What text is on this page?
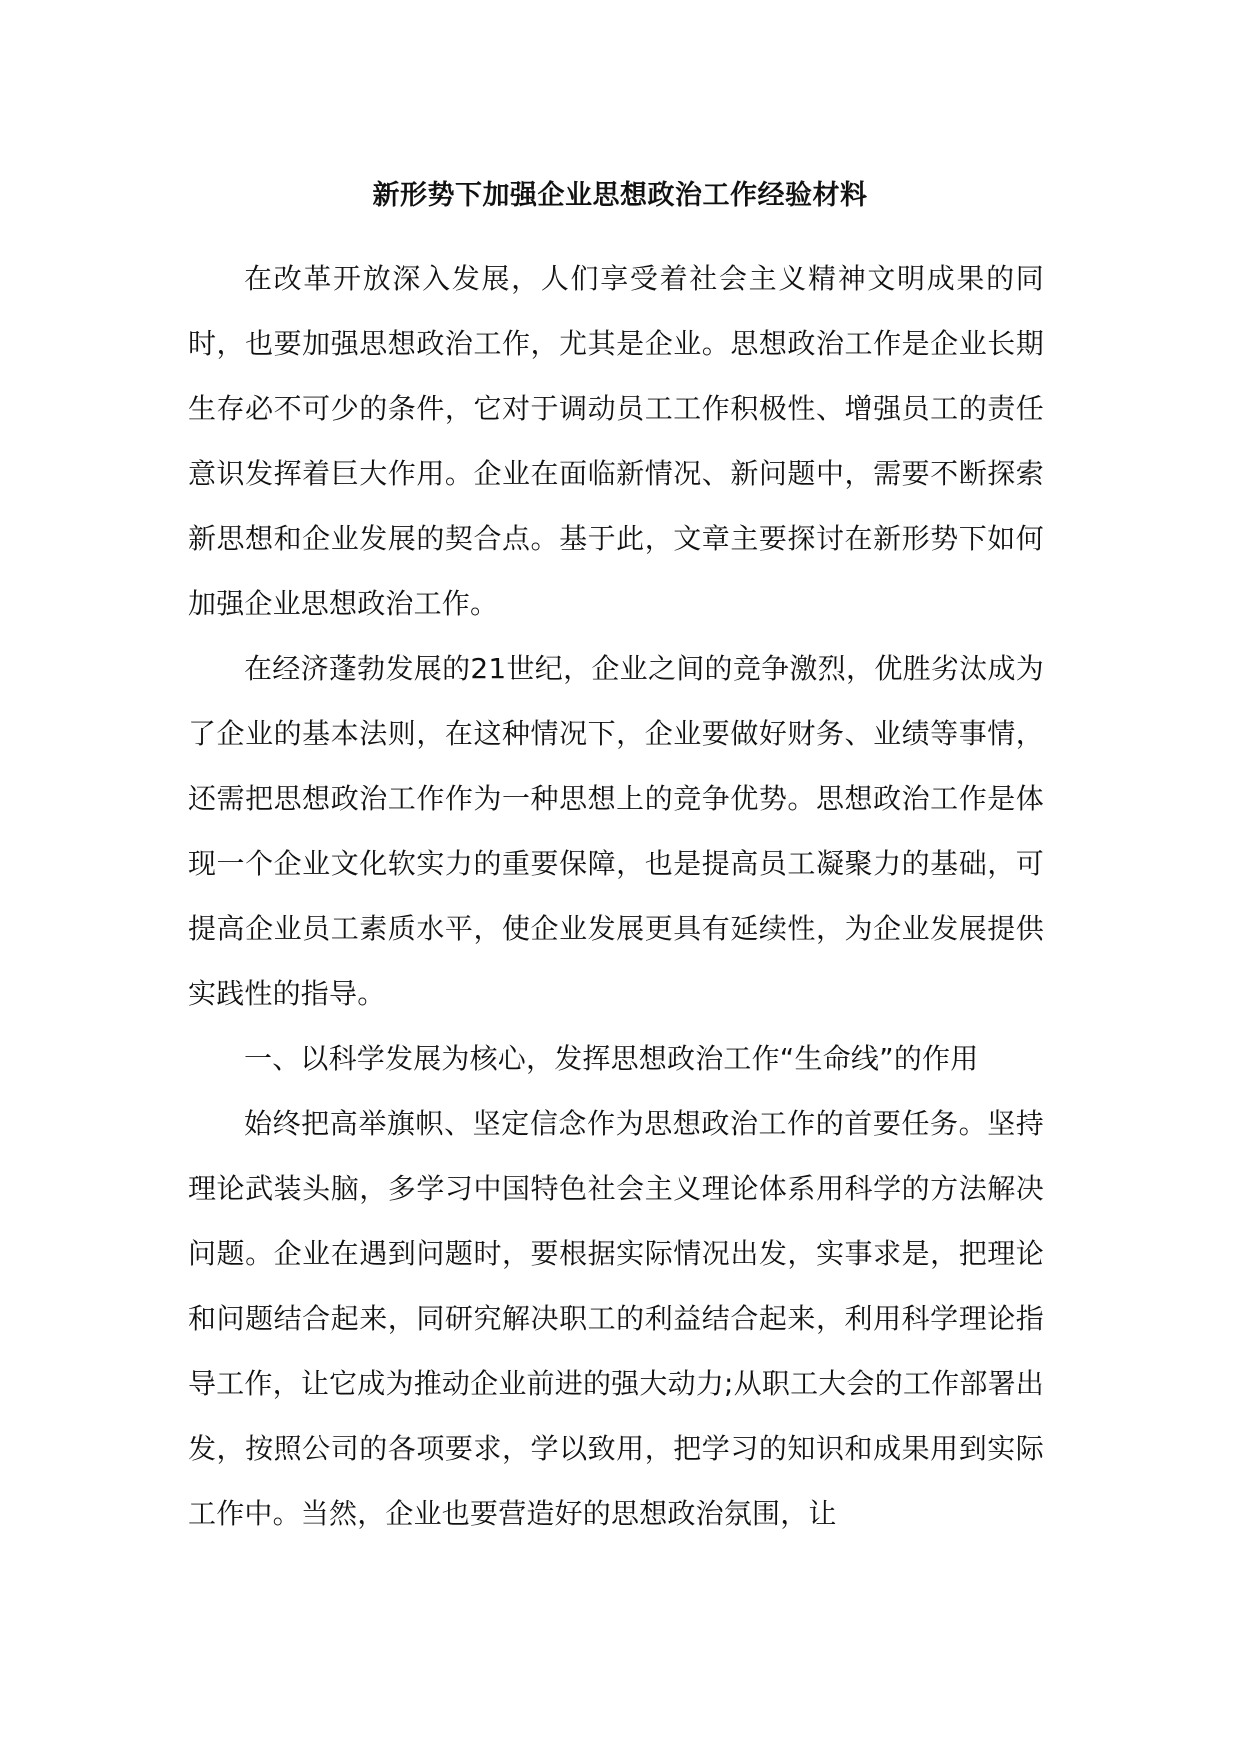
新形势下加强企业思想政治工作经验材料

在改革开放深入发展，人们享受着社会主义精神文明成果的同时，也要加强思想政治工作，尤其是企业。思想政治工作是企业长期生存必不可少的条件，它对于调动员工工作积极性、增强员工的责任意识发挥着巨大作用。企业在面临新情况、新问题中，需要不断探索新思想和企业发展的契合点。基于此，文章主要探讨在新形势下如何加强企业思想政治工作。

在经济蓬勃发展的21世纪，企业之间的竞争激烈，优胜劣汰成为了企业的基本法则，在这种情况下，企业要做好财务、业绩等事情，还需把思想政治工作作为一种思想上的竞争优势。思想政治工作是体现一个企业文化软实力的重要保障，也是提高员工凝聚力的基础，可提高企业员工素质水平，使企业发展更具有延续性，为企业发展提供实践性的指导。

一、以科学发展为核心，发挥思想政治工作“生命线”的作用

始终把高举旗帜、坚定信念作为思想政治工作的首要任务。坚持理论武装头脑，多学习中国特色社会主义理论体系用科学的方法解决问题。企业在遇到问题时，要根据实际情况出发，实事求是，把理论和问题结合起来，同研究解决职工的利益结合起来，利用科学理论指导工作，让它成为推动企业前进的强大动力;从职工大会的工作部署出发，按照公司的各项要求，学以致用，把学习的知识和成果用到实际工作中。当然，企业也要营造好的思想政治氛围，让
